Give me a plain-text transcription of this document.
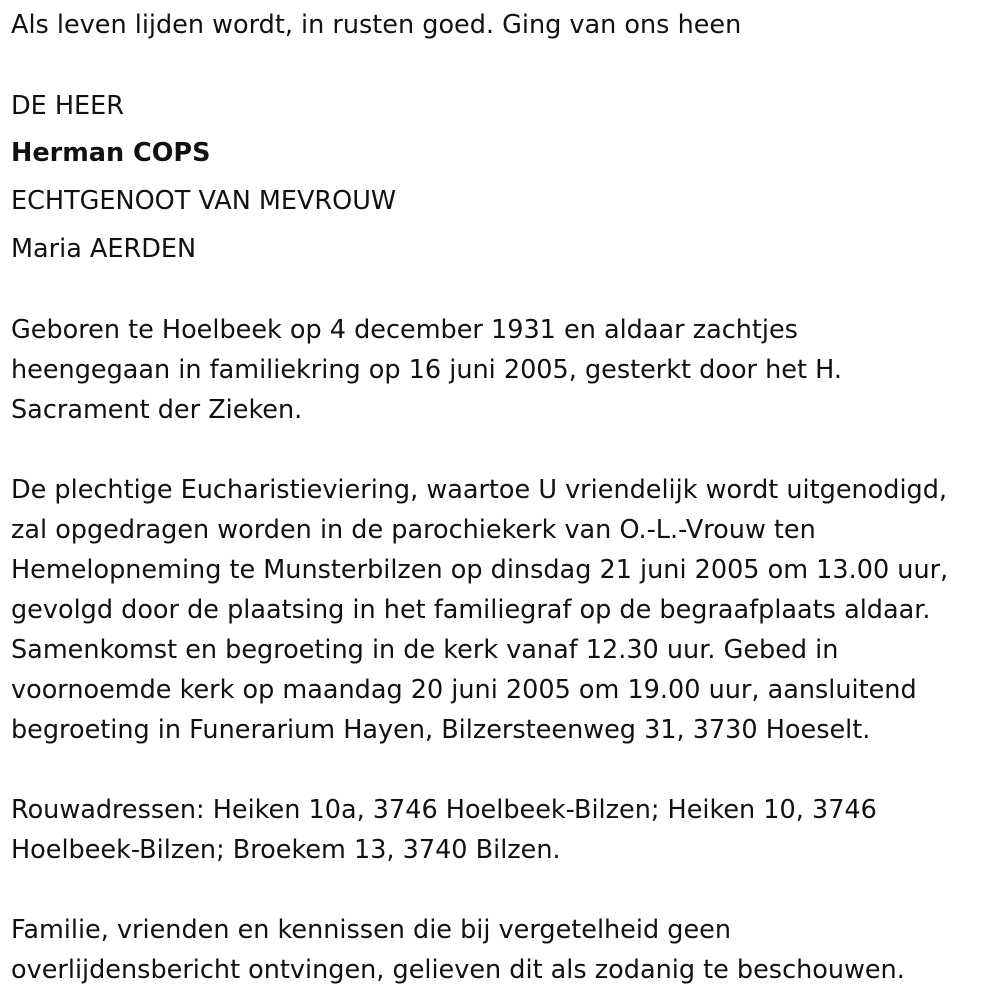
Als leven lijden wordt, in rusten goed. Ging van ons heen
DE HEER
Herman COPS
ECHTGENOOT VAN MEVROUW
Maria AERDEN
Geboren te Hoelbeek op 4 december 1931 en aldaar zachtjes
heengegaan in familiekring op 16 juni 2005, gesterkt door het H.
Sacrament der Zieken.
De plechtige Eucharistieviering, waartoe U vriendelijk wordt uitgenodigd,
zal opgedragen worden in de parochiekerk van O.-L.-Vrouw ten
Hemelopneming te Munsterbilzen op dinsdag 21 juni 2005 om 13.00 uur,
gevolgd door de plaatsing in het familiegraf op de begraafplaats aldaar.
Samenkomst en begroeting in de kerk vanaf 12.30 uur. Gebed in
voornoemde kerk op maandag 20 juni 2005 om 19.00 uur, aansluitend
begroeting in Funerarium Hayen, Bilzersteenweg 31, 3730 Hoeselt.
Rouwadressen: Heiken 10a, 3746 Hoelbeek-Bilzen; Heiken 10, 3746
Hoelbeek-Bilzen; Broekem 13, 3740 Bilzen.
Familie, vrienden en kennissen die bij vergetelheid geen
overlijdensbericht ontvingen, gelieven dit als zodanig te beschouwen.
